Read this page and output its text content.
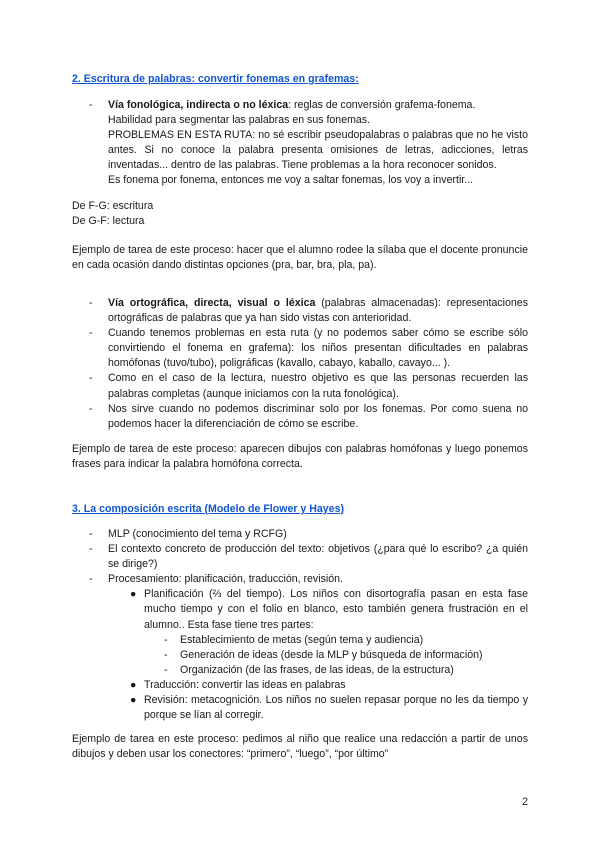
2. Escritura de palabras: convertir fonemas en grafemas:
- Vía fonológica, indirecta o no léxica: reglas de conversión grafema-fonema.
Habilidad para segmentar las palabras en sus fonemas.
PROBLEMAS EN ESTA RUTA: no sé escribir pseudopalabras o palabras que no he visto antes. Si no conoce la palabra presenta omisiones de letras, adicciones, letras inventadas... dentro de las palabras. Tiene problemas a la hora reconocer sonidos.
Es fonema por fonema, entonces me voy a saltar fonemas, los voy a invertir...
De F-G: escritura
De G-F: lectura
Ejemplo de tarea de este proceso: hacer que el alumno rodee la sílaba que el docente pronuncie en cada ocasión dando distintas opciones (pra, bar, bra, pla, pa).
- Vía ortográfica, directa, visual o léxica (palabras almacenadas): representaciones ortográficas de palabras que ya han sido vistas con anterioridad.
- Cuando tenemos problemas en esta ruta (y no podemos saber cómo se escribe sólo convirtiendo el fonema en grafema): los niños presentan dificultades en palabras homófonas (tuvo/tubo), poligráficas (kavallo, cabayo, kaballo, cavayo... ).
- Como en el caso de la lectura, nuestro objetivo es que las personas recuerden las palabras completas (aunque iniciamos con la ruta fonológica).
- Nos sirve cuando no podemos discriminar solo por los fonemas. Por como suena no podemos hacer la diferenciación de cómo se escribe.
Ejemplo de tarea de este proceso: aparecen dibujos con palabras homófonas y luego ponemos frases para indicar la palabra homófona correcta.
3. La composición escrita (Modelo de Flower y Hayes)
- MLP (conocimiento del tema y RCFG)
- El contexto concreto de producción del texto: objetivos (¿para qué lo escribo? ¿a quién se dirige?)
- Procesamiento: planificación, traducción, revisión.
● Planificación (⅔ del tiempo). Los niños con disortografía pasan en esta fase mucho tiempo y con el folio en blanco, esto también genera frustración en el alumno.. Esta fase tiene tres partes:
- Establecimiento de metas (según tema y audiencia)
- Generación de ideas (desde la MLP y búsqueda de información)
- Organización (de las frases, de las ideas, de la estructura)
● Traducción: convertir las ideas en palabras
● Revisión: metacognición. Los niños no suelen repasar porque no les da tiempo y porque se lían al corregir.
Ejemplo de tarea en este proceso: pedimos al niño que realice una redacción a partir de unos dibujos y deben usar los conectores: “primero”, “luego”, “por último”
2
